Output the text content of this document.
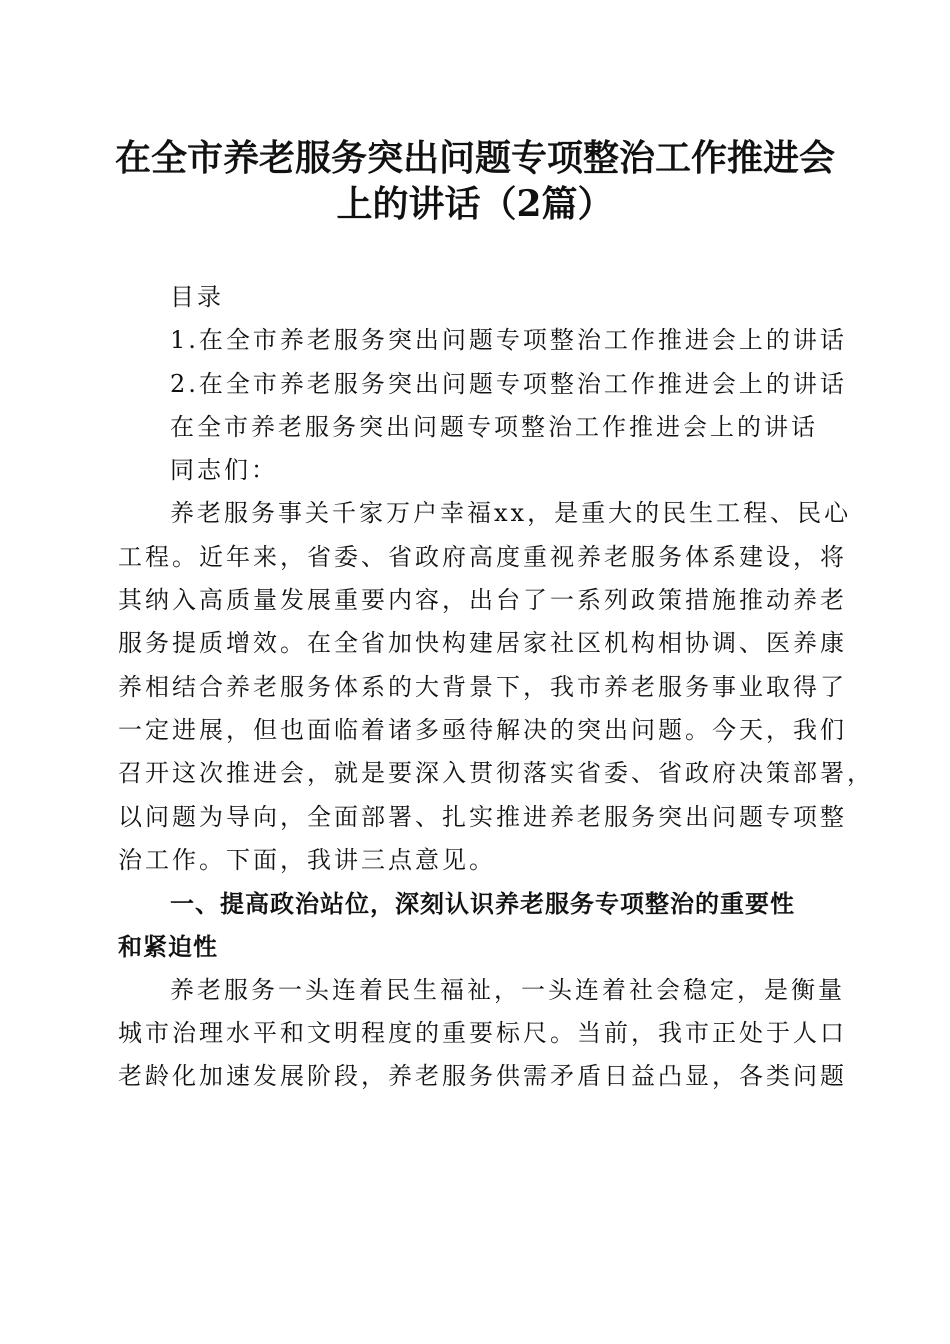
在全市养老服务突出问题专项整治工作推进会
上的讲话（2篇）
目录
1.在全市养老服务突出问题专项整治工作推进会上的讲话
2.在全市养老服务突出问题专项整治工作推进会上的讲话
在全市养老服务突出问题专项整治工作推进会上的讲话
同志们：
养老服务事关千家万户幸福xx，是重大的民生工程、民心
工程。近年来，省委、省政府高度重视养老服务体系建设，将
其纳入高质量发展重要内容，出台了一系列政策措施推动养老
服务提质增效。在全省加快构建居家社区机构相协调、医养康
养相结合养老服务体系的大背景下，我市养老服务事业取得了
一定进展，但也面临着诸多亟待解决的突出问题。今天，我们
召开这次推进会，就是要深入贯彻落实省委、省政府决策部署，
以问题为导向，全面部署、扎实推进养老服务突出问题专项整
治工作。下面，我讲三点意见。
一、提高政治站位，深刻认识养老服务专项整治的重要性
和紧迫性
养老服务一头连着民生福祉，一头连着社会稳定，是衡量
城市治理水平和文明程度的重要标尺。当前，我市正处于人口
老龄化加速发展阶段，养老服务供需矛盾日益凸显，各类问题
